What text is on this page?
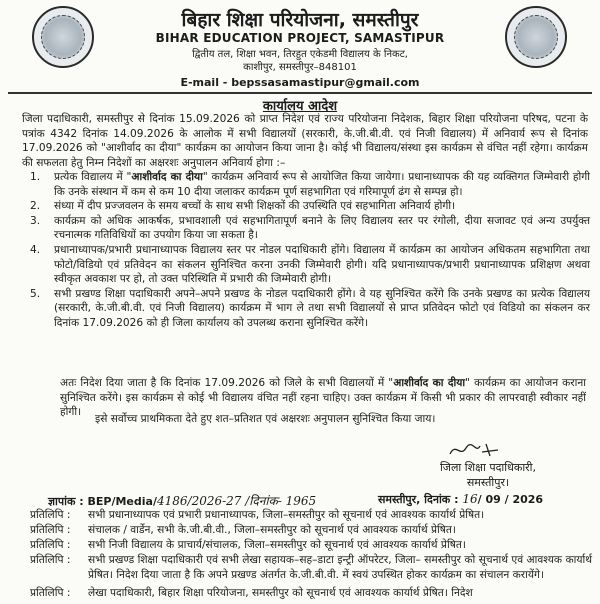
बिहार शिक्षा परियोजना, समस्तीपुर
BIHAR EDUCATION PROJECT, SAMASTIPUR
द्वितीय तल, शिक्षा भवन, तिरहुत एकेडमी विद्यालय के निकट,
काशीपुर, समस्तीपुर–848101
E-mail - bepssasamastipur@gmail.com
कार्यालय आदेश
जिला पदाधिकारी, समस्तीपुर से दिनांक 15.09.2026 को प्राप्त निदेश एवं राज्य परियोजना निदेशक, बिहार शिक्षा परियोजना परिषद, पटना के पत्रांक 4342 दिनांक 14.09.2026 के आलोक में सभी विद्यालयों (सरकारी, के.जी.बी.वी. एवं निजी विद्यालय) में अनिवार्य रूप से दिनांक 17.09.2026 को "आशीर्वाद का दीया" कार्यक्रम का आयोजन किया जाना है। कोई भी विद्यालय/संस्था इस कार्यक्रम से वंचित नहीं रहेगा। कार्यक्रम की सफलता हेतु निम्न निदेशों का अक्षरशः अनुपालन अनिवार्य होगा :–
1. प्रत्येक विद्यालय में "आशीर्वाद का दीया" कार्यक्रम अनिवार्य रूप से आयोजित किया जायेगा। प्रधानाध्यापक की यह व्यक्तिगत जिम्मेवारी होगी कि उनके संस्थान में कम से कम 10 दीया जलाकर कार्यक्रम पूर्ण सहभागिता एवं गरिमापूर्ण ढंग से सम्पन्न हो।
2. संध्या में दीप प्रज्जवलन के समय बच्चों के साथ सभी शिक्षकों की उपस्थिति एवं सहभागिता अनिवार्य होगी।
3. कार्यक्रम को अधिक आकर्षक, प्रभावशाली एवं सहभागितापूर्ण बनाने के लिए विद्यालय स्तर पर रंगोली, दीया सजावट एवं अन्य उपर्युक्त रचनात्मक गतिविधियों का उपयोग किया जा सकता है।
4. प्रधानाध्यापक/प्रभारी प्रधानाध्यापक विद्यालय स्तर पर नोडल पदाधिकारी होंगे। विद्यालय में कार्यक्रम का आयोजन अधिकतम सहभागिता तथा फोटो/विडियो एवं प्रतिवेदन का संकलन सुनिश्चित करना उनकी जिम्मेवारी होगी। यदि प्रधानाध्यापक/प्रभारी प्रधानाध्यापक प्रशिक्षण अथवा स्वीकृत अवकाश पर हो, तो उक्त परिस्थिति में प्रभारी की जिम्मेवारी होगी।
5. सभी प्रखण्ड शिक्षा पदाधिकारी अपने–अपने प्रखण्ड के नोडल पदाधिकारी होंगे। वे यह सुनिश्चित करेंगे कि उनके प्रखण्ड का प्रत्येक विद्यालय (सरकारी, के.जी.बी.वी. एवं निजी विद्यालय) कार्यक्रम में भाग ले तथा सभी विद्यालयों से प्राप्त प्रतिवेदन फोटो एवं विडियो का संकलन कर दिनांक 17.09.2026 को ही जिला कार्यालय को उपलब्ध कराना सुनिश्चित करेंगे।
अतः निदेश दिया जाता है कि दिनांक 17.09.2026 को जिले के सभी विद्यालयों में "आशीर्वाद का दीया" कार्यक्रम का आयोजन कराना सुनिश्चित करेंगे। इस कार्यक्रम से कोई भी विद्यालय वंचित नहीं रहना चाहिए। उक्त कार्यक्रम में किसी भी प्रकार की लापरवाही स्वीकार नहीं होगी।
इसे सर्वोच्च प्राथमिकता देते हुए शत–प्रतिशत एवं अक्षरशः अनुपालन सुनिश्चित किया जाय।
जिला शिक्षा पदाधिकारी,
समस्तीपुर।
ज्ञापांक : BEP/Media/4186/2026-27 /दिनांक- 1965	समस्तीपुर, दिनांक : 16/ 09 / 2026
प्रतिलिपि : सभी प्रधानाध्यापक एवं प्रभारी प्रधानाध्यापक, जिला–समस्तीपुर को सूचनार्थ एवं आवश्यक कार्यार्थ प्रेषित।
प्रतिलिपि : संचालक / वार्डेन, सभी के.जी.बी.वी., जिला–समस्तीपुर को सूचनार्थ एवं आवश्यक कार्यार्थ प्रेषित।
प्रतिलिपि : सभी निजी विद्यालय के प्राचार्य/संचालक, जिला–समस्तीपुर को सूचनार्थ एवं आवश्यक कार्यार्थ प्रेषित।
प्रतिलिपि : सभी प्रखण्ड शिक्षा पदाधिकारी एवं सभी लेखा सहायक–सह–डाटा इन्ट्री ऑपरेटर, जिला– समस्तीपुर को सूचनार्थ एवं आवश्यक कार्यार्थ प्रेषित। निदेश दिया जाता है कि अपने प्रखण्ड अंतर्गत के.जी.बी.वी. में स्वयं उपस्थित होकर कार्यक्रम का संचालन करायेंगे।
प्रतिलिपि : लेखा पदाधिकारी, बिहार शिक्षा परियोजना, समस्तीपुर को सूचनार्थ एवं आवश्यक कार्यार्थ प्रेषित। निदेश
